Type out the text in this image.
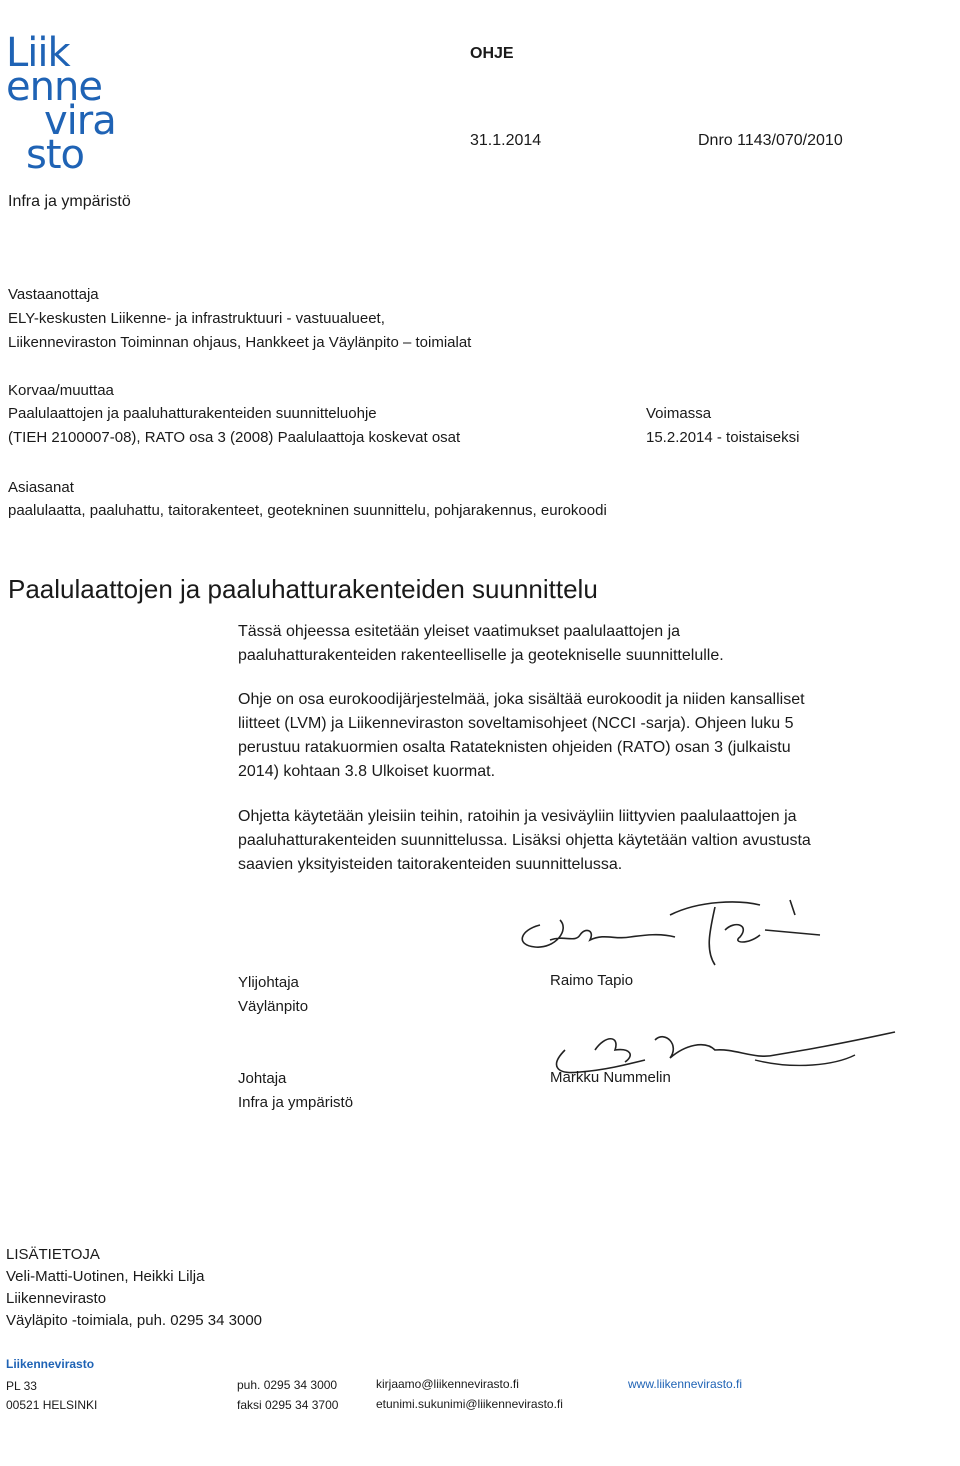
Liik
enne
vira
sto
OHJE
31.1.2014	Dnro 1143/070/2010
Infra ja ympäristö
Vastaanottaja
ELY-keskusten Liikenne- ja infrastruktuuri - vastuualueet,
Liikenneviraston Toiminnan ohjaus, Hankkeet ja Väylänpito – toimialat
Korvaa/muuttaa
Paalulaattojen ja paaluhatturakenteiden suunnitteluohje
(TIEH 2100007-08), RATO osa 3 (2008) Paalulaattoja koskevat osat
Voimassa
15.2.2014 - toistaiseksi
Asiasanat
paalulaatta, paaluhattu, taitorakenteet, geotekninen suunnittelu, pohjarakennus, eurokoodi
Paalulaattojen ja paaluhatturakenteiden suunnittelu
Tässä ohjeessa esitetään yleiset vaatimukset paalulaattojen ja
paaluhatturakenteiden rakenteelliselle ja geotekniselle suunnittelulle.
Ohje on osa eurokoodijärjestelmää, joka sisältää eurokoodit ja niiden kansalliset
liitteet (LVM) ja Liikenneviraston soveltamisohjeet (NCCI -sarja). Ohjeen luku 5
perustuu ratakuormien osalta Ratateknisten ohjeiden (RATO) osan 3 (julkaistu
2014) kohtaan 3.8 Ulkoiset kuormat.
Ohjetta käytetään yleisiin teihin, ratoihin ja vesiväyliin liittyvien paalulaattojen ja
paaluhatturakenteiden suunnittelussa. Lisäksi ohjetta käytetään valtion avustusta
saavien yksityisteiden taitorakenteiden suunnittelussa.
Ylijohtaja
Väylänpito
Raimo Tapio
Johtaja
Infra ja ympäristö
Markku Nummelin
LISÄTIETOJA
Veli-Matti-Uotinen, Heikki Lilja
Liikennevirasto
Väyläpito -toimiala, puh. 0295 34 3000
Liikennevirasto
PL 33
00521 HELSINKI
puh. 0295 34 3000
faksi 0295 34 3700
kirjaamo@liikennevirasto.fi
etunimi.sukunimi@liikennevirasto.fi
www.liikennevirasto.fi
